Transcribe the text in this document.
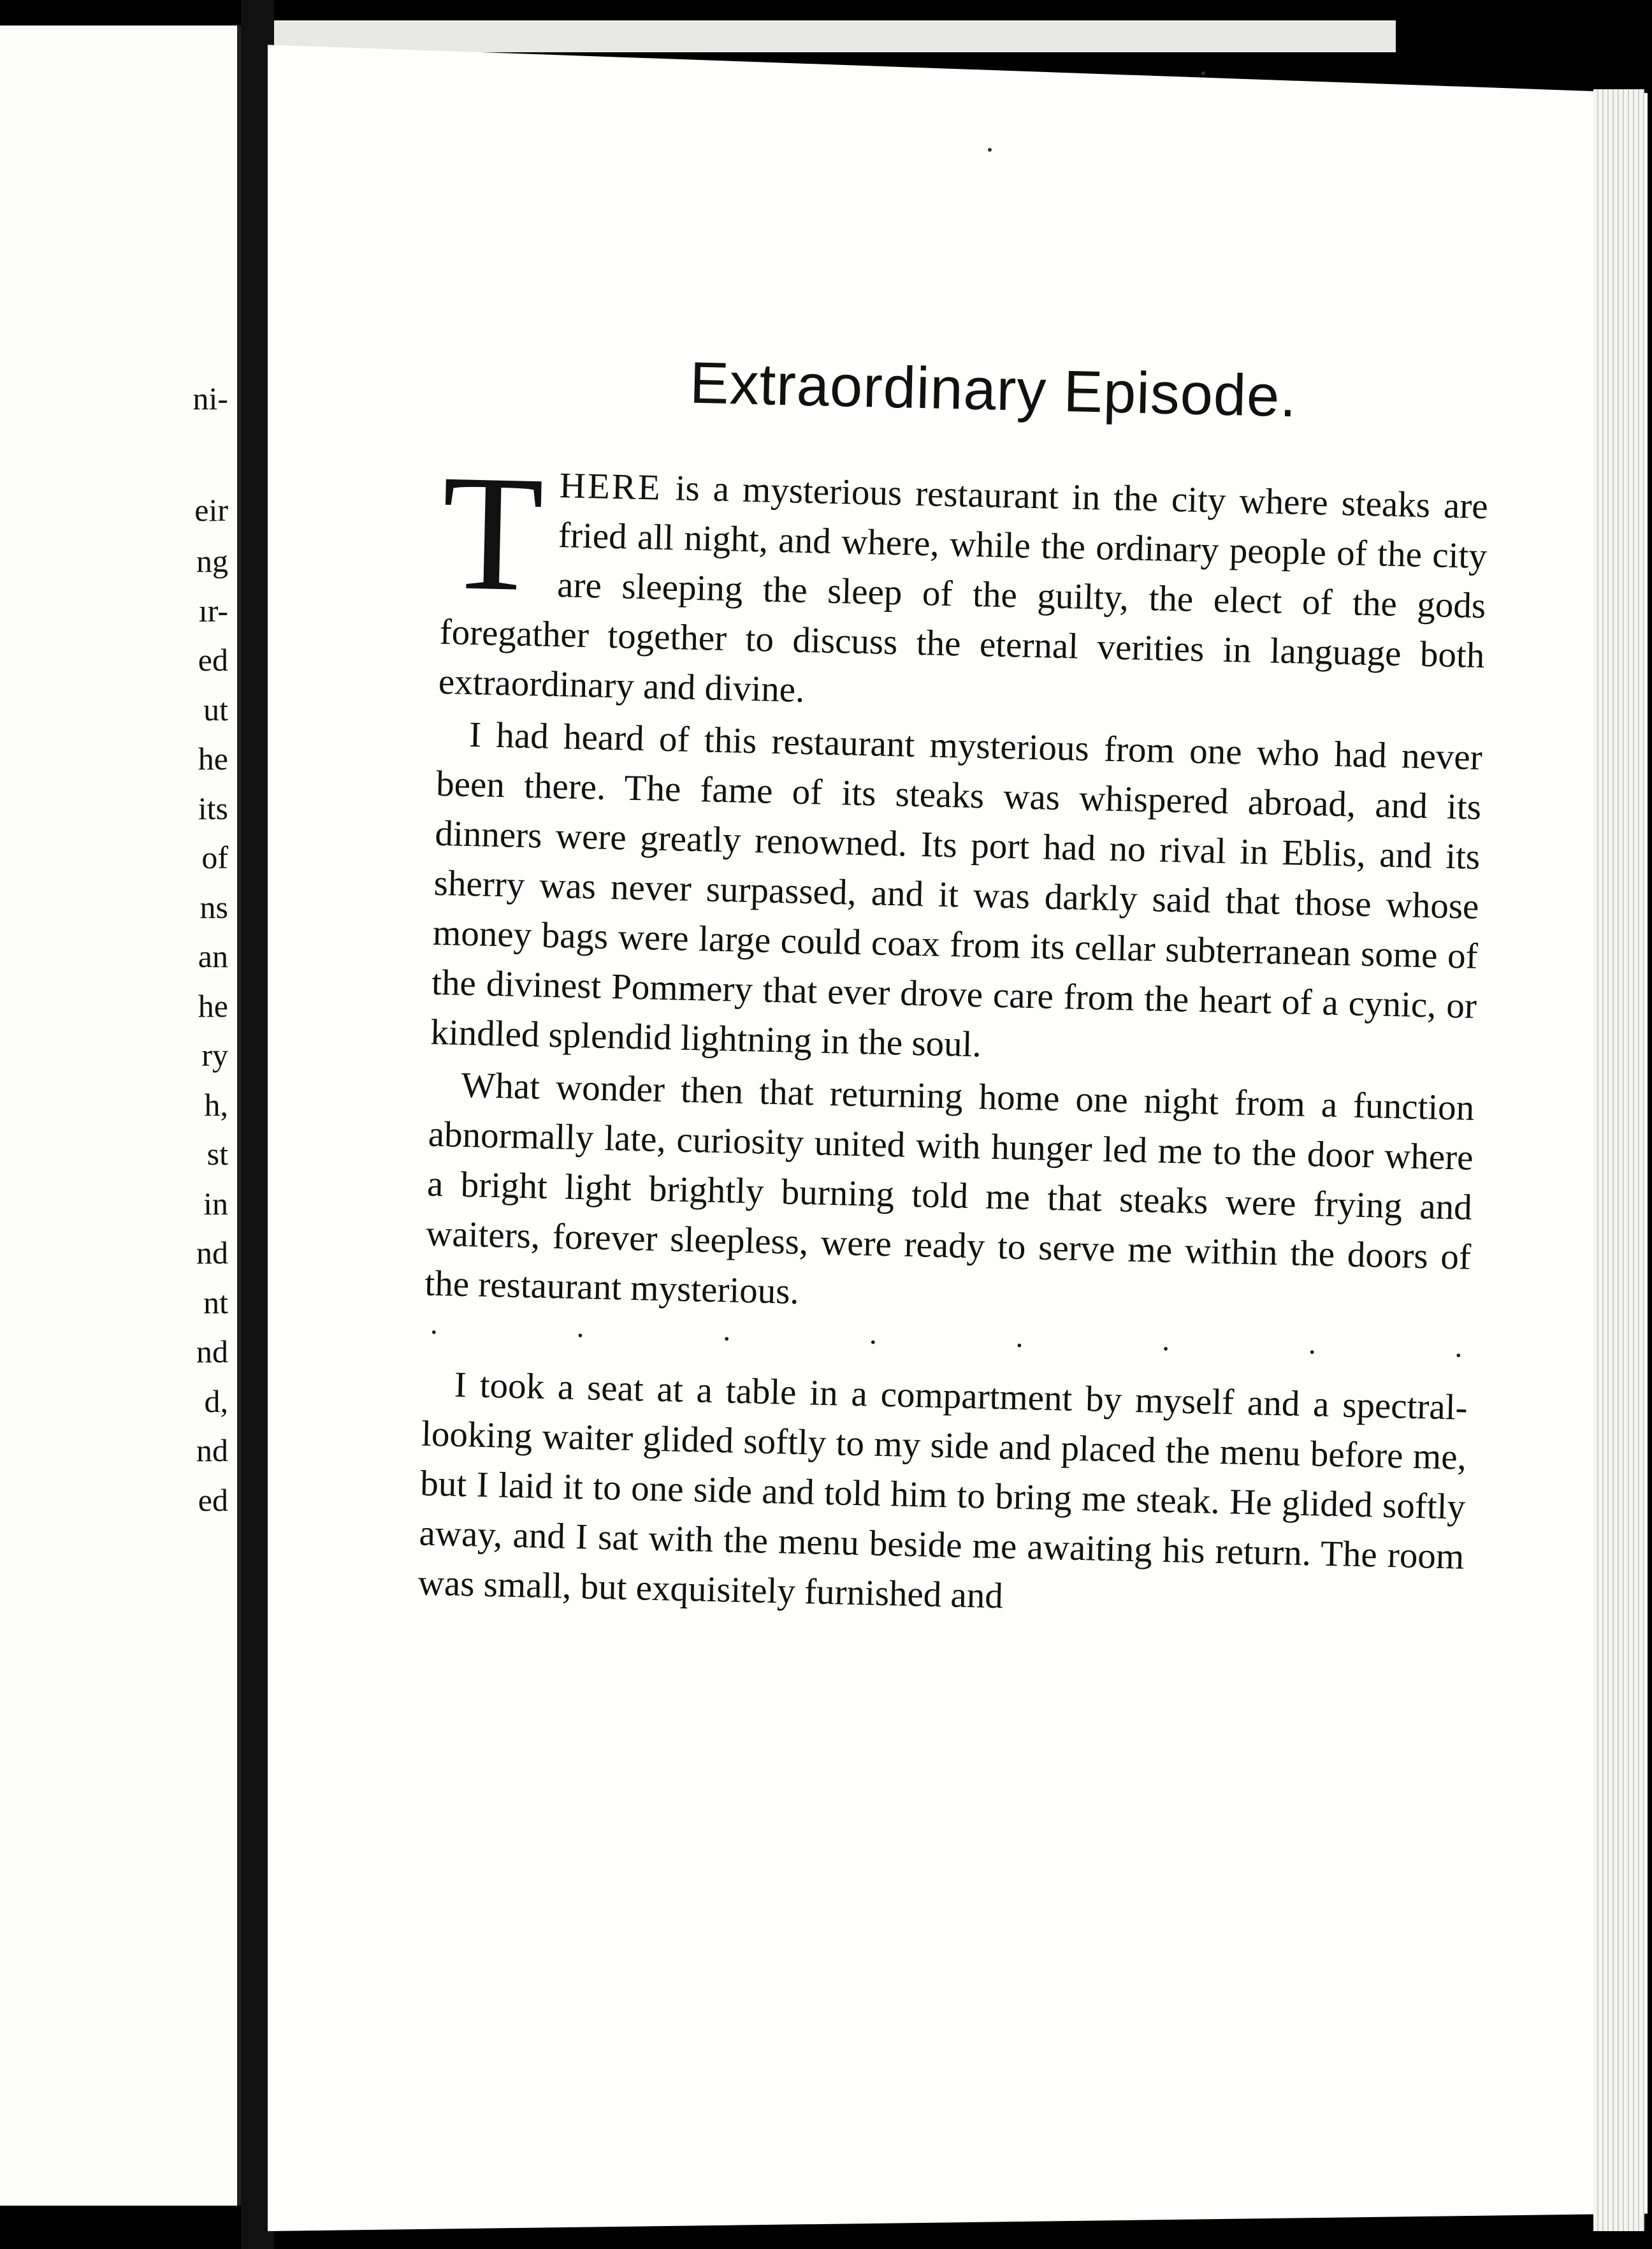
ni-
eir
ng
ır-
ed
ut
he
its
of
ns
an
he
ry
h,
st
in
nd
nt
nd
d,
nd
ed
Extraordinary Episode.

THERE is a mysterious restaurant in the city where steaks are fried all night, and where, while the ordinary people of the city are sleeping the sleep of the guilty, the elect of the gods foregather together to discuss the eternal verities in language both extraordinary and divine.

I had heard of this restaurant mysterious from one who had never been there. The fame of its steaks was whispered abroad, and its dinners were greatly renowned. Its port had no rival in Eblis, and its sherry was never surpassed, and it was darkly said that those whose money bags were large could coax from its cellar subterranean some of the divinest Pommery that ever drove care from the heart of a cynic, or kindled splendid lightning in the soul.

What wonder then that returning home one night from a function abnormally late, curiosity united with hunger led me to the door where a bright light brightly burning told me that steaks were frying and waiters, forever sleepless, were ready to serve me within the doors of the restaurant mysterious.

.	.	.	.	.	.	.	.

I took a seat at a table in a compartment by myself and a spectral-looking waiter glided softly to my side and placed the menu before me, but I laid it to one side and told him to bring me steak. He glided softly away, and I sat with the menu beside me awaiting his return. The room was small, but exquisitely furnished and
